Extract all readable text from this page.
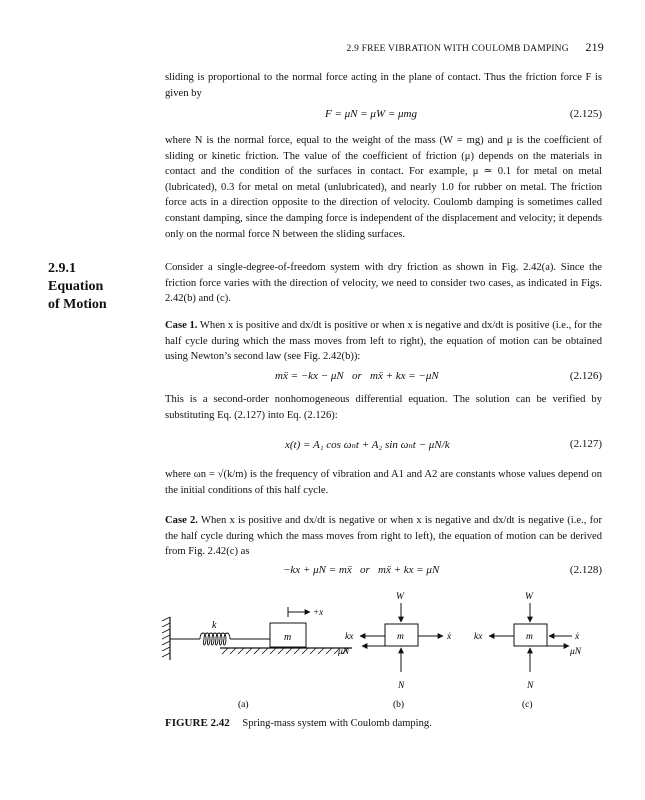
2.9 FREE VIBRATION WITH COULOMB DAMPING 219
sliding is proportional to the normal force acting in the plane of contact. Thus the friction force F is given by
F = μN = μW = μmg	(2.125)
where N is the normal force, equal to the weight of the mass (W = mg) and μ is the coefficient of sliding or kinetic friction. The value of the coefficient of friction (μ) depends on the materials in contact and the condition of the surfaces in contact. For example, μ ≃ 0.1 for metal on metal (lubricated), 0.3 for metal on metal (unlubricated), and nearly 1.0 for rubber on metal. The friction force acts in a direction opposite to the direction of velocity. Coulomb damping is sometimes called constant damping, since the damping force is independent of the displacement and velocity; it depends only on the normal force N between the sliding surfaces.
2.9.1
Equation
of Motion
Consider a single-degree-of-freedom system with dry friction as shown in Fig. 2.42(a). Since the friction force varies with the direction of velocity, we need to consider two cases, as indicated in Figs. 2.42(b) and (c).
Case 1. When x is positive and dx/dt is positive or when x is negative and dx/dt is positive (i.e., for the half cycle during which the mass moves from left to right), the equation of motion can be obtained using Newton’s second law (see Fig. 2.42(b)):
mẍ = −kx − μN   or   mẍ + kx = −μN	(2.126)
This is a second-order nonhomogeneous differential equation. The solution can be verified by substituting Eq. (2.127) into Eq. (2.126):
x(t) = A₁ cos ωₙt + A₂ sin ωₙt − μN/k	(2.127)
where ωn = √(k/m) is the frequency of vibration and A1 and A2 are constants whose values depend on the initial conditions of this half cycle.
Case 2. When x is positive and dx/dt is negative or when x is negative and dx/dt is negative (i.e., for the half cycle during which the mass moves from right to left), the equation of motion can be derived from Fig. 2.42(c) as
−kx + μN = mẍ   or   mẍ + kx = μN	(2.128)
k
m
+x
(a)
W
m
kx
μN
ẋ
N
(b)
W
m
kx	ẋ
μN
N
(c)
FIGURE 2.42 Spring-mass system with Coulomb damping.
